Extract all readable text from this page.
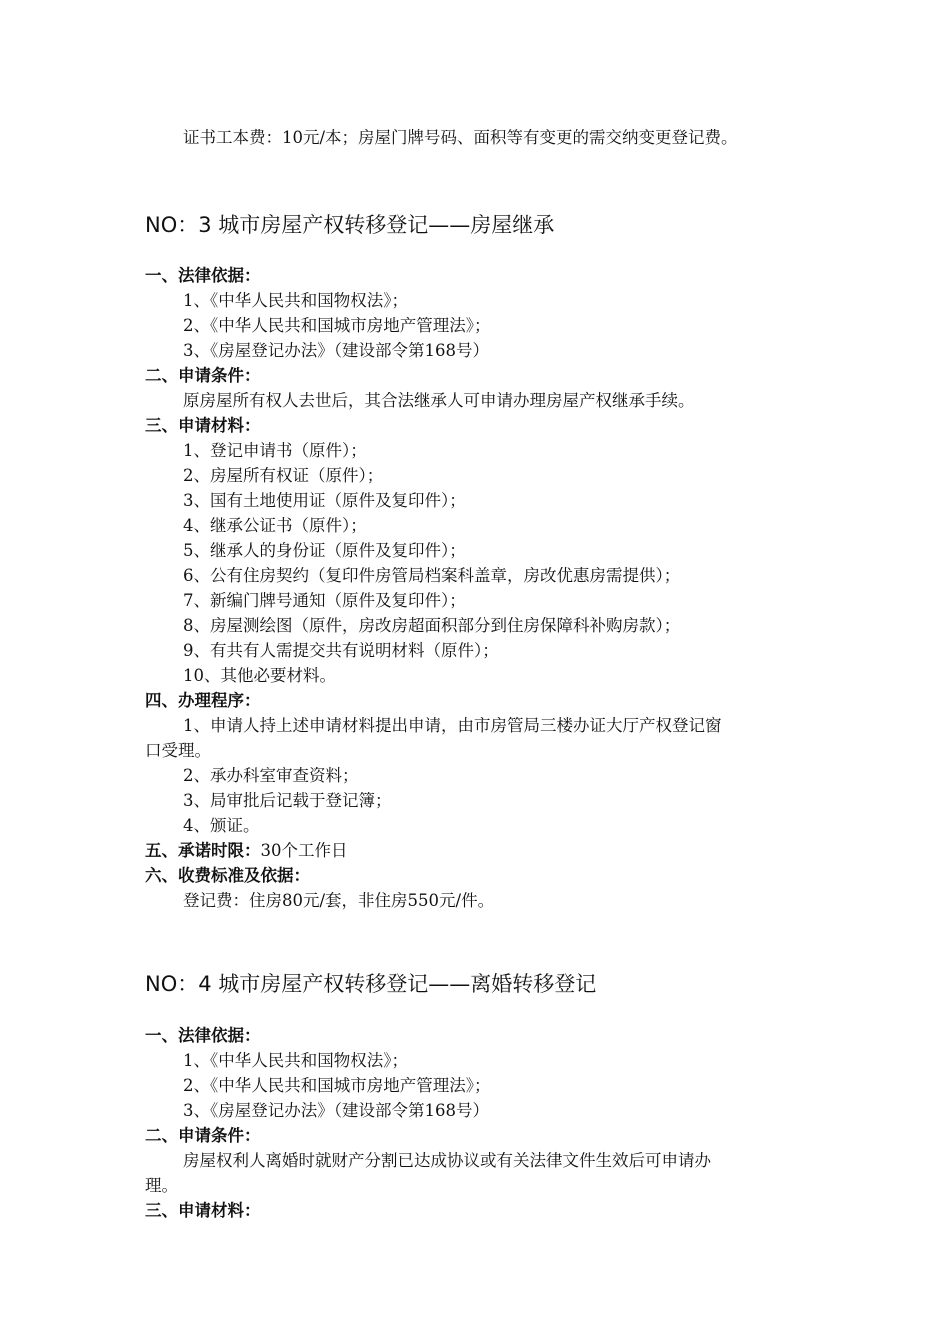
证书工本费：10元/本；房屋门牌号码、面积等有变更的需交纳变更登记费。
NO：3 城市房屋产权转移登记——房屋继承
一、法律依据：
1、《中华人民共和国物权法》；
2、《中华人民共和国城市房地产管理法》；
3、《房屋登记办法》（建设部令第168号）
二、申请条件：
原房屋所有权人去世后，其合法继承人可申请办理房屋产权继承手续。
三、申请材料：
1、登记申请书（原件）；
2、房屋所有权证（原件）；
3、国有土地使用证（原件及复印件）；
4、继承公证书（原件）；
5、继承人的身份证（原件及复印件）；
6、公有住房契约（复印件房管局档案科盖章，房改优惠房需提供）；
7、新编门牌号通知（原件及复印件）；
8、房屋测绘图（原件，房改房超面积部分到住房保障科补购房款）；
9、有共有人需提交共有说明材料（原件）；
10、其他必要材料。
四、办理程序：
1、申请人持上述申请材料提出申请，由市房管局三楼办证大厅产权登记窗
口受理。
2、承办科室审查资料；
3、局审批后记载于登记簿；
4、颁证。
五、承诺时限：30个工作日
六、收费标准及依据：
登记费：住房80元/套，非住房550元/件。
NO：4 城市房屋产权转移登记——离婚转移登记
一、法律依据：
1、《中华人民共和国物权法》；
2、《中华人民共和国城市房地产管理法》；
3、《房屋登记办法》（建设部令第168号）
二、申请条件：
房屋权利人离婚时就财产分割已达成协议或有关法律文件生效后可申请办
理。
三、申请材料：
